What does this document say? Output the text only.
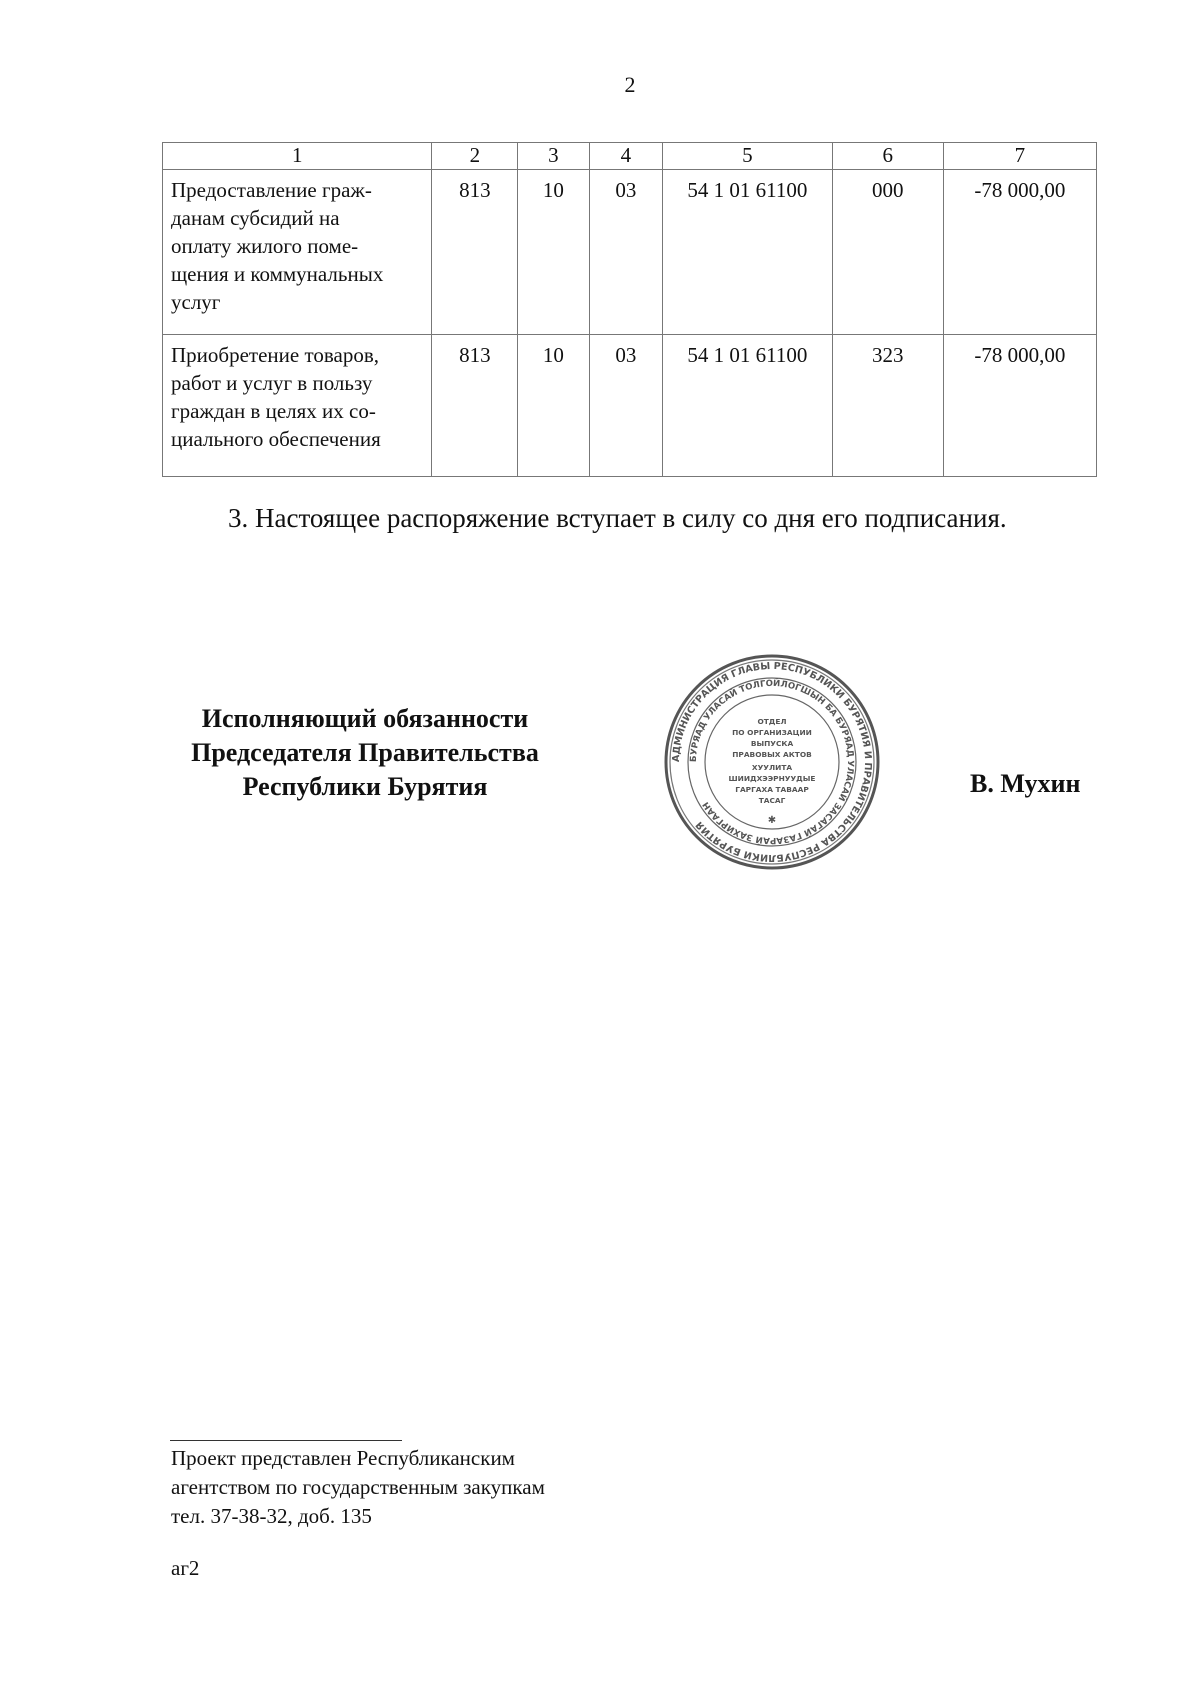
2
1	2	3	4	5	6	7

Предоставление граж-
данам субсидий на
оплату жилого поме-
щения и коммунальных
услуг	813	10	03	54 1 01 61100	000	-78 000,00

Приобретение товаров,
работ и услуг в пользу
граждан в целях их со-
циального обеспечения	813	10	03	54 1 01 61100	323	-78 000,00
3. Настоящее распоряжение вступает в силу со дня его подписания.
Исполняющий обязанности
Председателя Правительства
Республики Бурятия
АДМИНИСТРАЦИЯ ГЛАВЫ РЕСПУБЛИКИ БУРЯТИЯ И ПРАВИТЕЛЬСТВА РЕСПУБЛИКИ БУРЯТИЯ
БУРЯАД УЛАСАЙ ТОЛГОЙЛОГШЫН БА БУРЯАД УЛАСАЙ ЗАСАГАЙ ГАЗАРАЙ ЗАХИРГААН
ОТДЕЛ
ПО ОРГАНИЗАЦИИ
ВЫПУСКА
ПРАВОВЫХ АКТОВ
ХУУЛИТА
ШИИДХЭЭРНУУДЫЕ
ГАРГАХА ТАВААР
ТАСАГ
✱
В. Мухин
Проект представлен Республиканским
агентством по государственным закупкам
тел. 37-38-32, доб. 135
аг2
